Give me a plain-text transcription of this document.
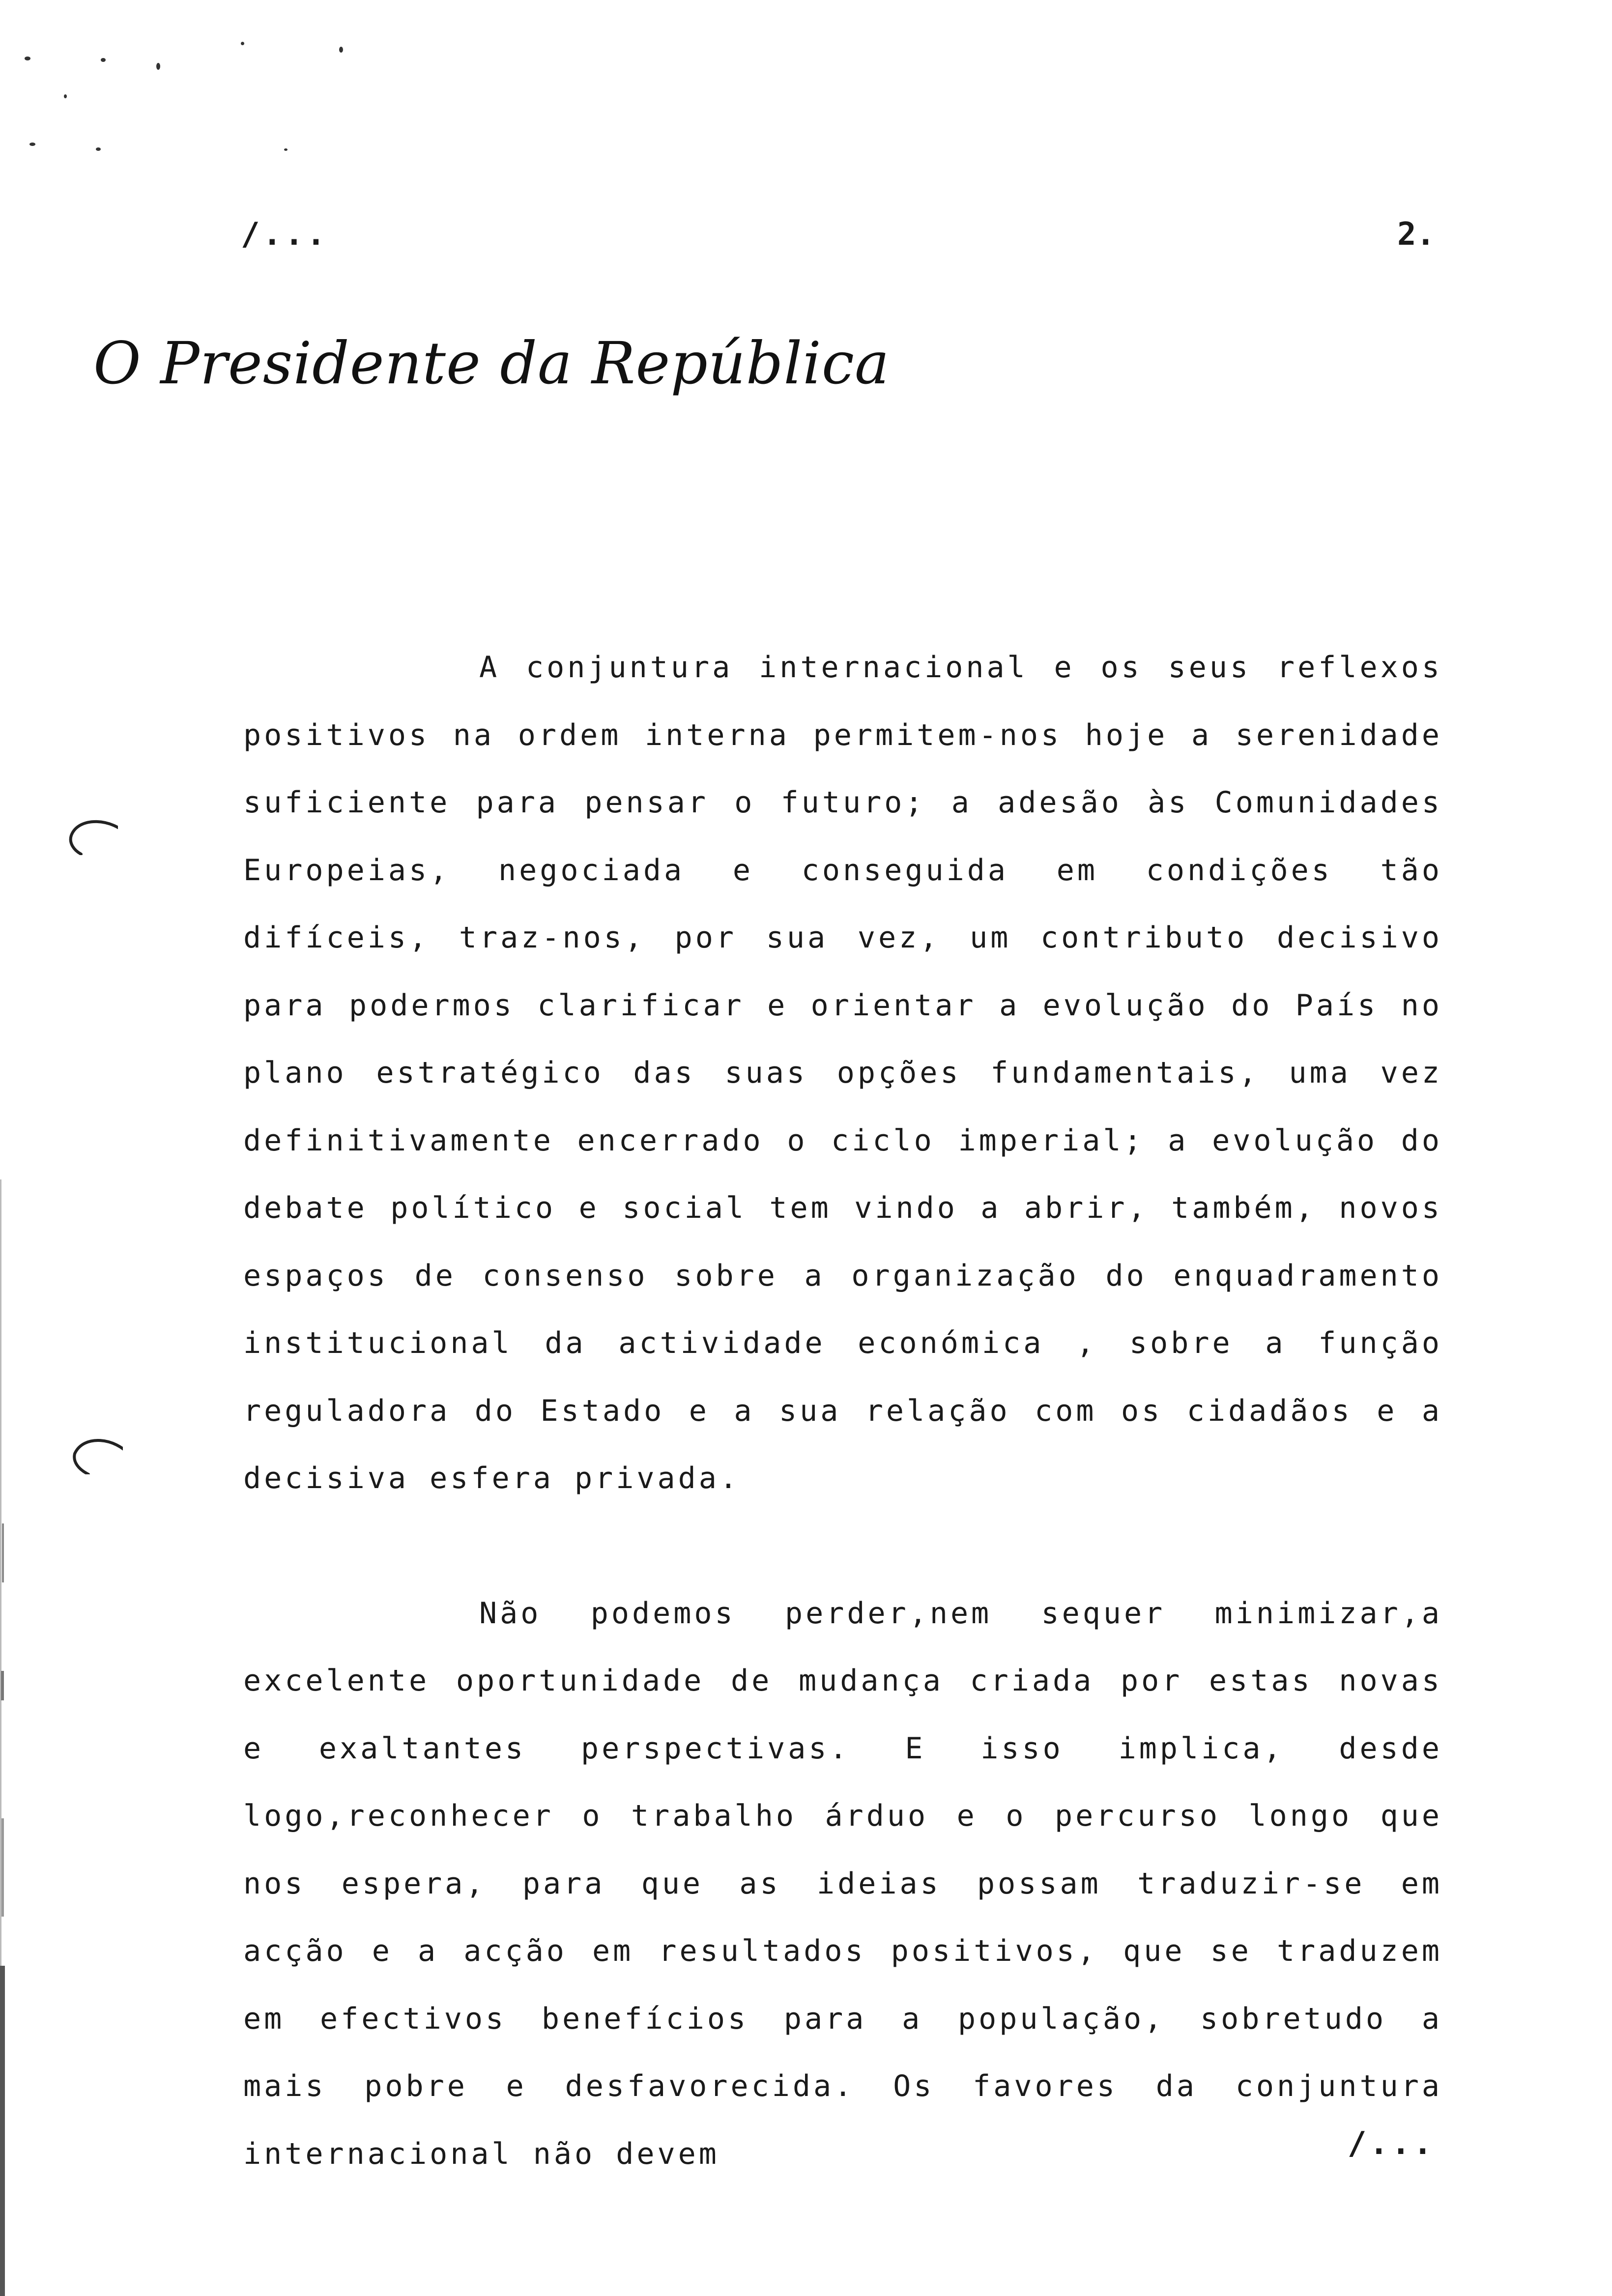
/...	2.
O Presidente da República

A conjuntura internacional e os seus reflexos positivos na ordem interna permitem-nos hoje a serenidade suficiente para pensar o futuro; a adesão às Comunidades Europeias, negociada e conseguida em condições tão difíceis, traz-nos, por sua vez, um contributo decisivo para podermos clarificar e orientar a evolução do País no plano estratégico das suas opções fundamentais, uma vez definitivamente encerrado o ciclo imperial; a evolução do debate político e social tem vindo a abrir, também, novos espaços de consenso sobre a organização do enquadramento institucional da actividade económica , sobre a função reguladora do Estado e a sua relação com os cidadãos e a decisiva esfera privada.

Não podemos perder,nem sequer minimizar,a excelente oportunidade de mudança criada por estas novas e exaltantes perspectivas. E isso implica, desde logo,reconhecer o trabalho árduo e o percurso longo que nos espera, para que as ideias possam traduzir-se em acção e a acção em resultados positivos, que se traduzem em efectivos benefícios para a população, sobretudo a mais pobre e desfavorecida. Os favores da conjuntura internacional não devem	/...
